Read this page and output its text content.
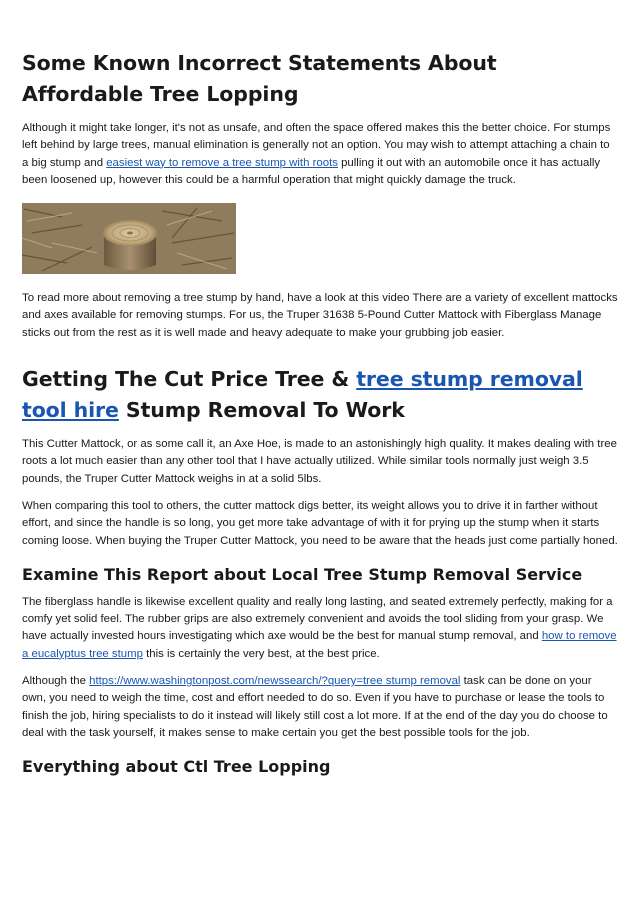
Some Known Incorrect Statements About Affordable Tree Lopping

Although it might take longer, it's not as unsafe, and often the space offered makes this the better choice. For stumps left behind by large trees, manual elimination is generally not an option. You may wish to attempt attaching a chain to a big stump and easiest way to remove a tree stump with roots pulling it out with an automobile once it has actually been loosened up, however this could be a harmful operation that might quickly damage the truck.

To read more about removing a tree stump by hand, have a look at this video There are a variety of excellent mattocks and axes available for removing stumps. For us, the Truper 31638 5-Pound Cutter Mattock with Fiberglass Manage sticks out from the rest as it is well made and heavy adequate to make your grubbing job easier.

Getting The Cut Price Tree & tree stump removal tool hire Stump Removal To Work

This Cutter Mattock, or as some call it, an Axe Hoe, is made to an astonishingly high quality. It makes dealing with tree roots a lot much easier than any other tool that I have actually utilized. While similar tools normally just weigh 3.5 pounds, the Truper Cutter Mattock weighs in at a solid 5lbs.

When comparing this tool to others, the cutter mattock digs better, its weight allows you to drive it in farther without effort, and since the handle is so long, you get more take advantage of with it for prying up the stump when it starts coming loose. When buying the Truper Cutter Mattock, you need to be aware that the heads just come partially honed.

Examine This Report about Local Tree Stump Removal Service

The fiberglass handle is likewise excellent quality and really long lasting, and seated extremely perfectly, making for a comfy yet solid feel. The rubber grips are also extremely convenient and avoids the tool sliding from your grasp. We have actually invested hours investigating which axe would be the best for manual stump removal, and how to remove a eucalyptus tree stump this is certainly the very best, at the best price.

Although the https://www.washingtonpost.com/newssearch/?query=tree stump removal task can be done on your own, you need to weigh the time, cost and effort needed to do so. Even if you have to purchase or lease the tools to finish the job, hiring specialists to do it instead will likely still cost a lot more. If at the end of the day you do choose to deal with the task yourself, it makes sense to make certain you get the best possible tools for the job.

Everything about Ctl Tree Lopping
